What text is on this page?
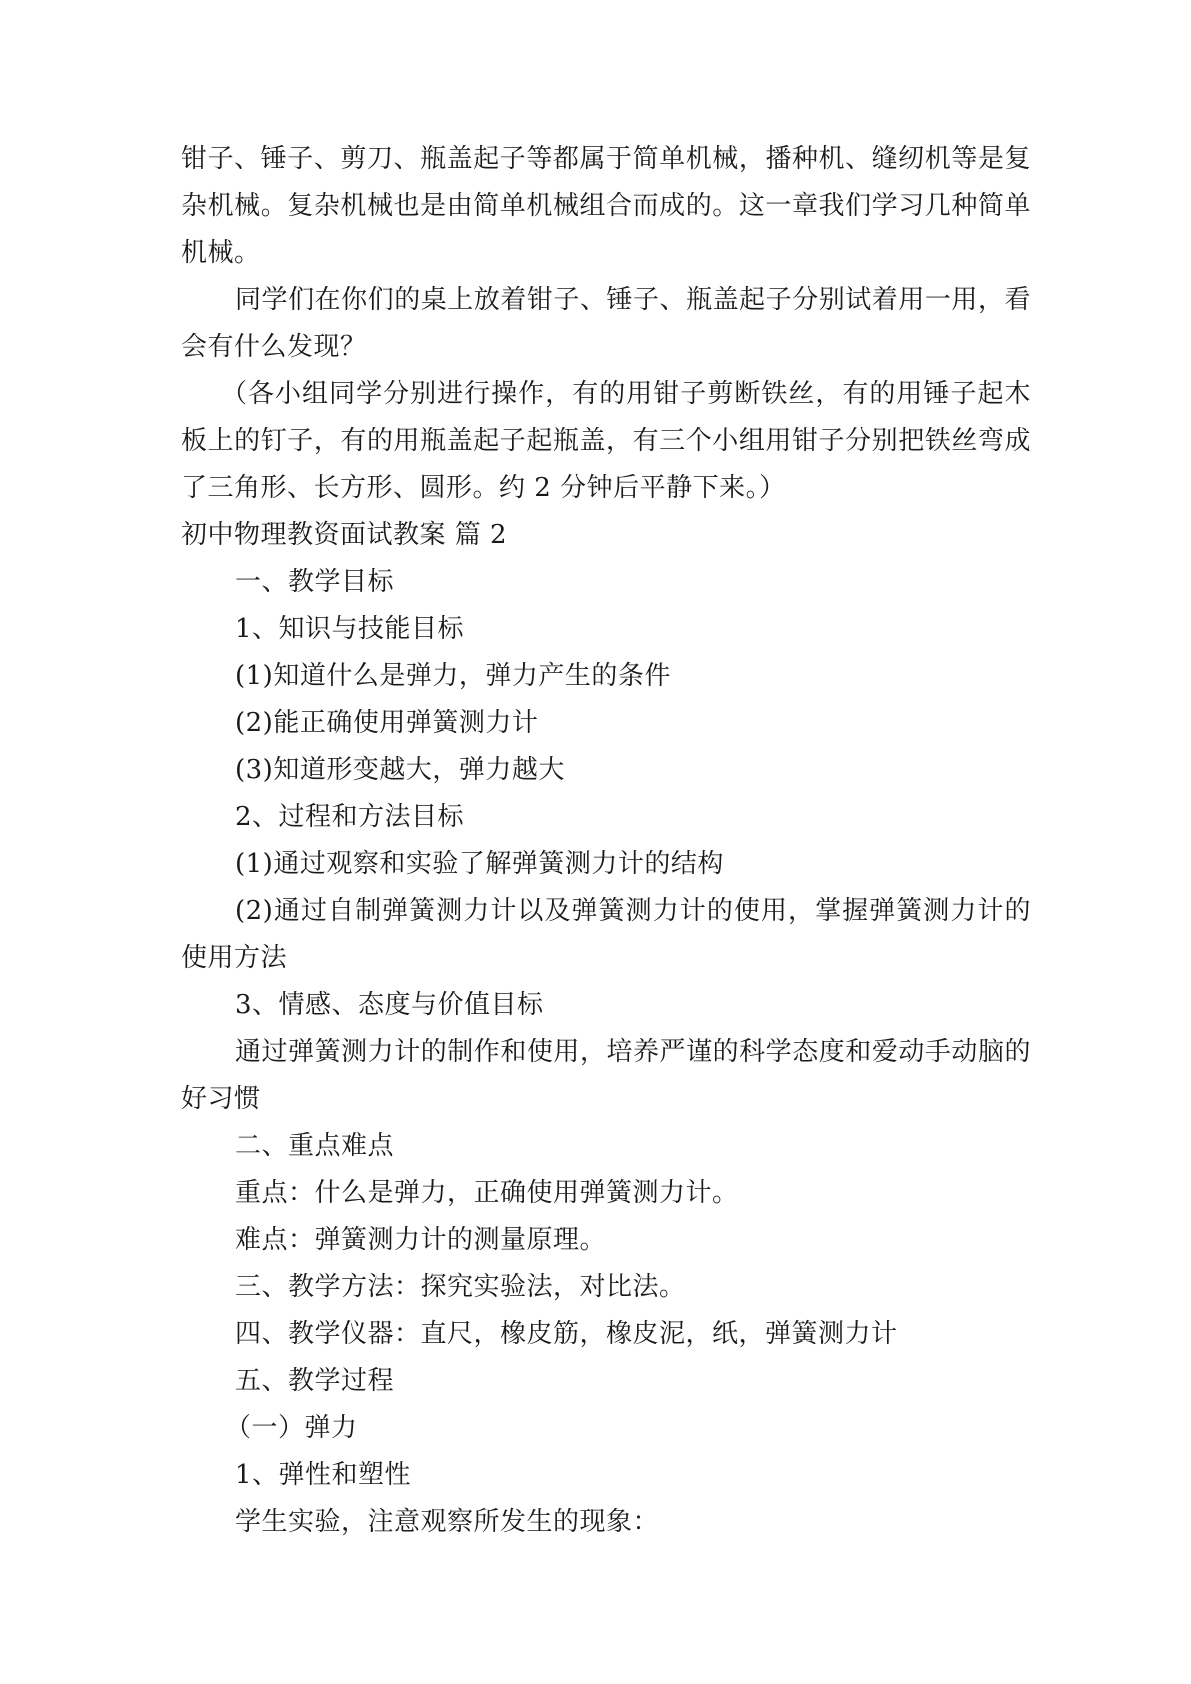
钳子、锤子、剪刀、瓶盖起子等都属于简单机械，播种机、缝纫机等是复杂机械。复杂机械也是由简单机械组合而成的。这一章我们学习几种简单机械。

同学们在你们的桌上放着钳子、锤子、瓶盖起子分别试着用一用，看会有什么发现？

（各小组同学分别进行操作，有的用钳子剪断铁丝，有的用锤子起木板上的钉子，有的用瓶盖起子起瓶盖，有三个小组用钳子分别把铁丝弯成了三角形、长方形、圆形。约 2 分钟后平静下来。）

初中物理教资面试教案 篇 2

一、教学目标

1、知识与技能目标

(1)知道什么是弹力，弹力产生的条件

(2)能正确使用弹簧测力计

(3)知道形变越大，弹力越大

2、过程和方法目标

(1)通过观察和实验了解弹簧测力计的结构

(2)通过自制弹簧测力计以及弹簧测力计的使用，掌握弹簧测力计的使用方法

3、情感、态度与价值目标

通过弹簧测力计的制作和使用，培养严谨的科学态度和爱动手动脑的好习惯

二、重点难点

重点：什么是弹力，正确使用弹簧测力计。

难点：弹簧测力计的测量原理。

三、教学方法：探究实验法，对比法。

四、教学仪器：直尺，橡皮筋，橡皮泥，纸，弹簧测力计

五、教学过程

（一）弹力

1、弹性和塑性

学生实验，注意观察所发生的现象：
